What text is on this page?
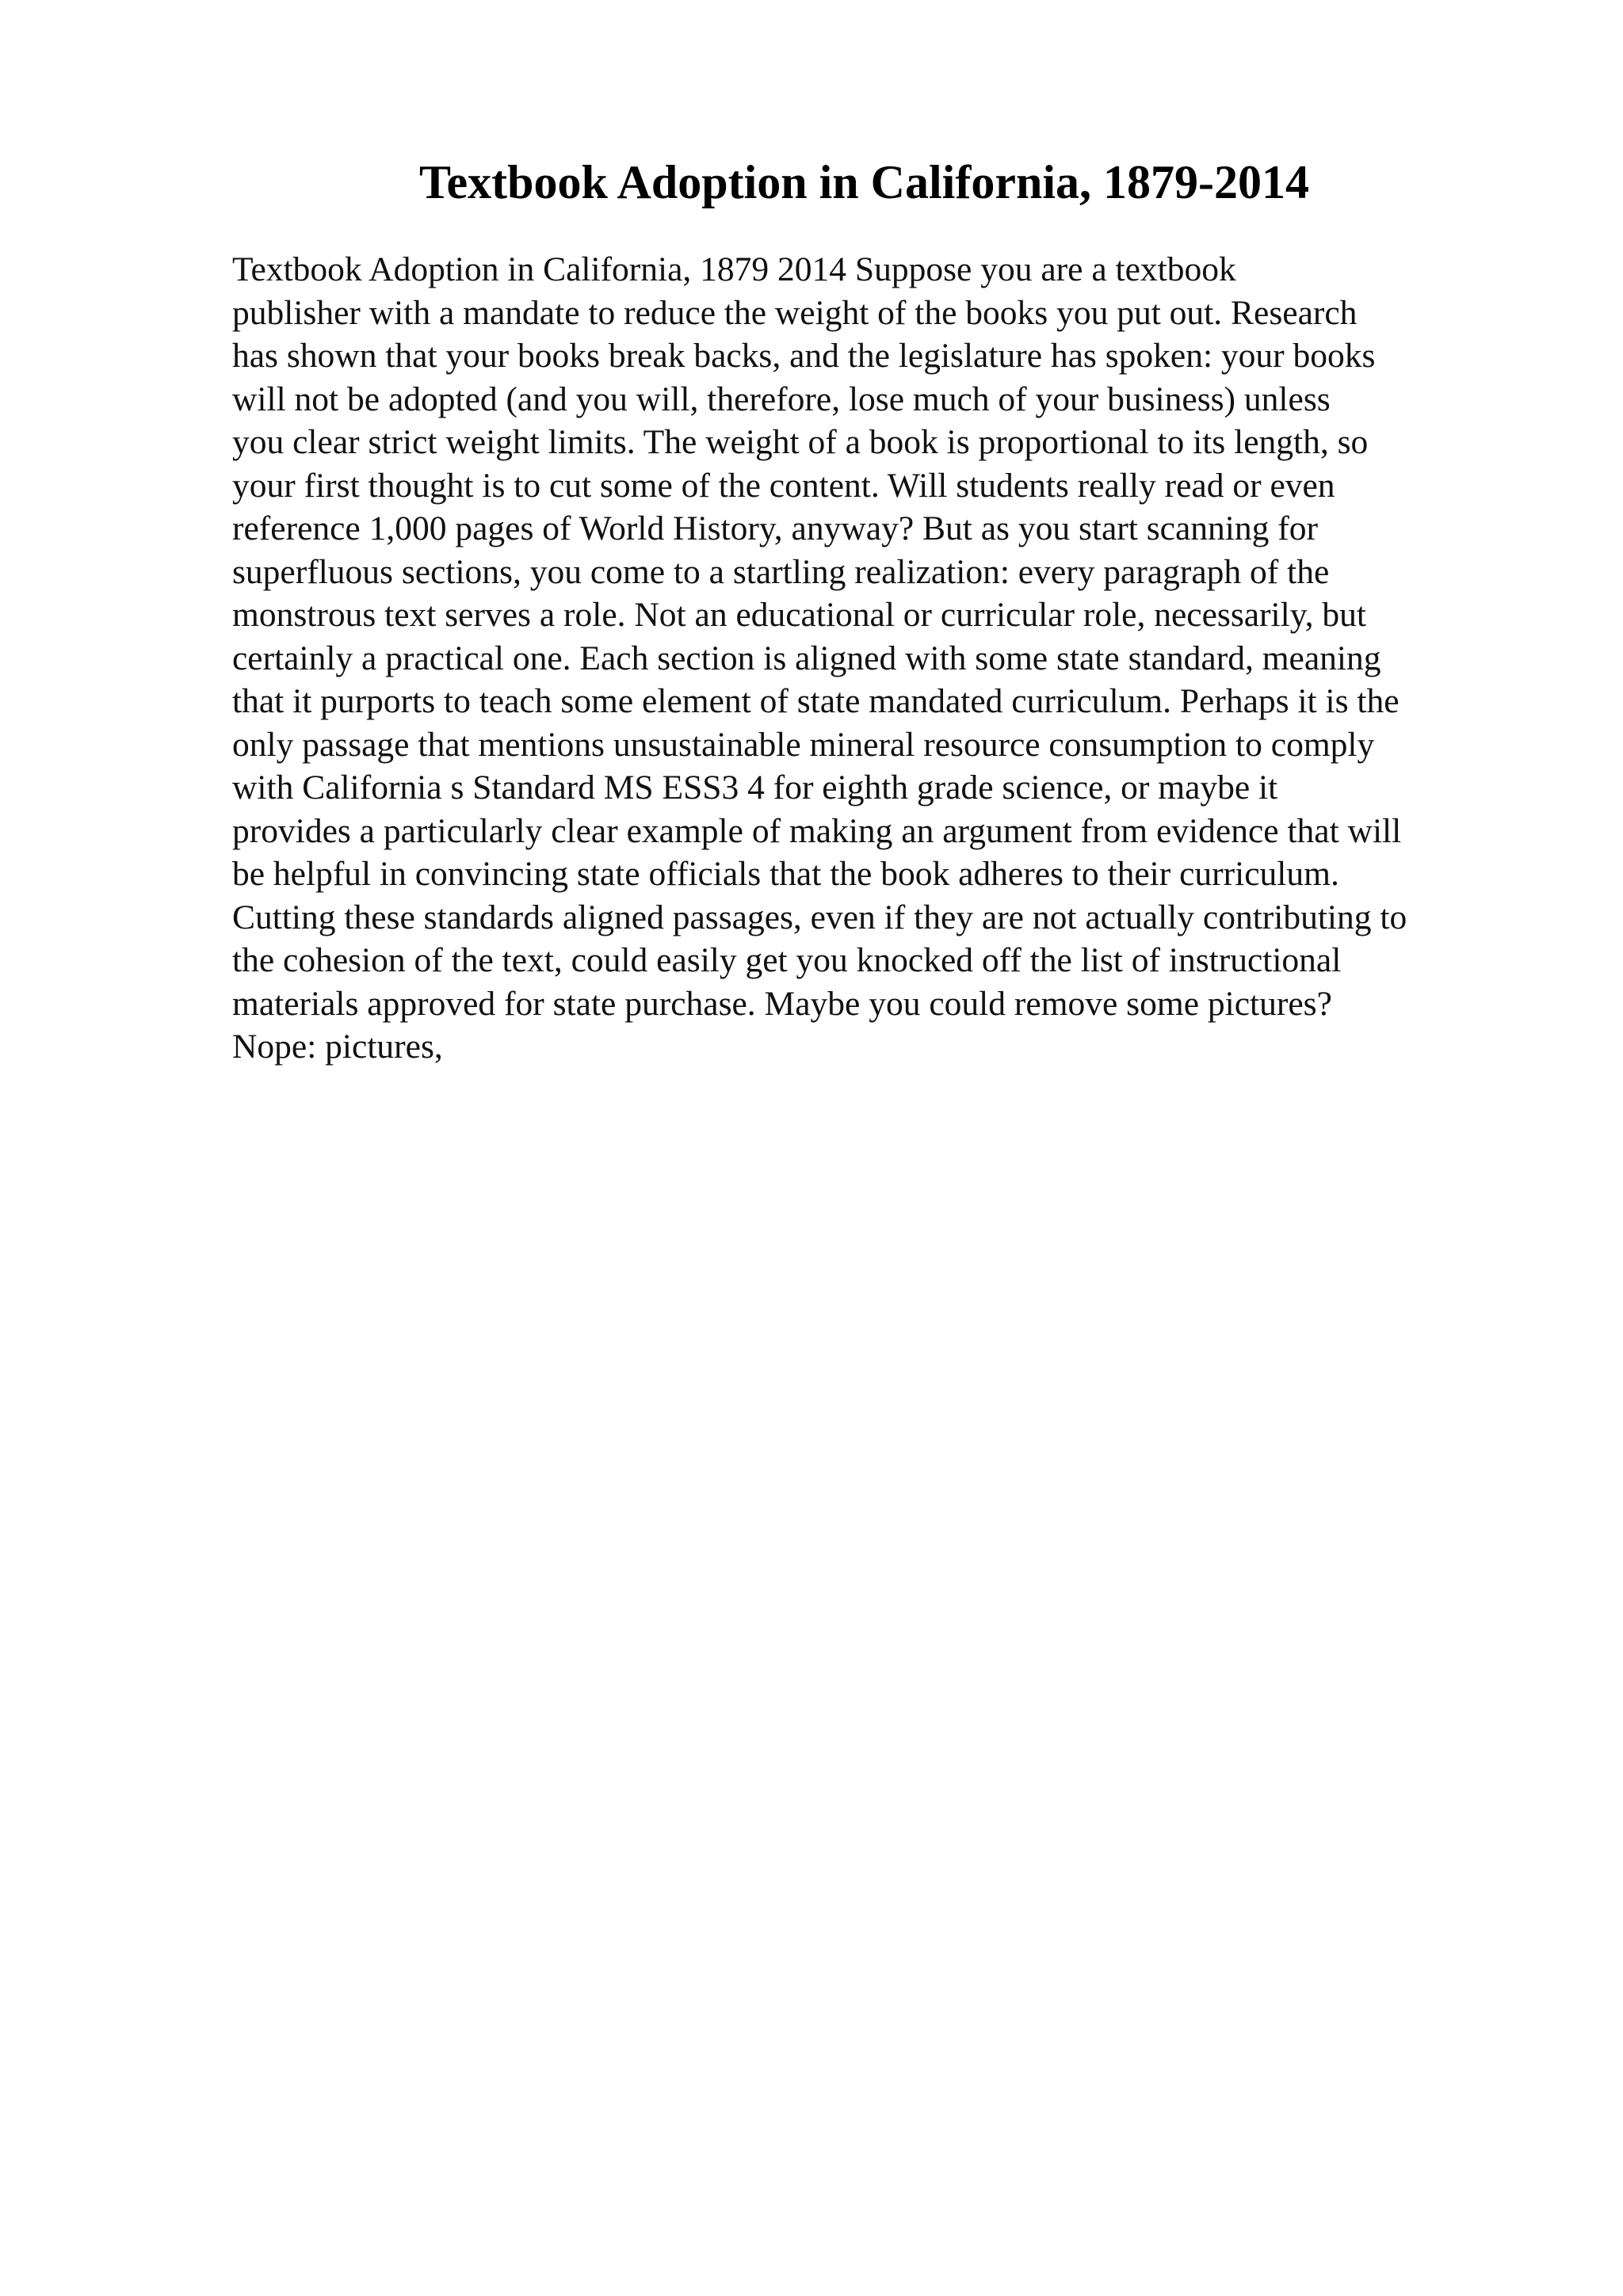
Textbook Adoption in California, 1879-2014
Textbook Adoption in California, 1879 2014 Suppose you are a textbook
publisher with a mandate to reduce the weight of the books you put out. Research
has shown that your books break backs, and the legislature has spoken: your books
will not be adopted (and you will, therefore, lose much of your business) unless
you clear strict weight limits. The weight of a book is proportional to its length, so
your first thought is to cut some of the content. Will students really read or even
reference 1,000 pages of World History, anyway? But as you start scanning for
superfluous sections, you come to a startling realization: every paragraph of the
monstrous text serves a role. Not an educational or curricular role, necessarily, but
certainly a practical one. Each section is aligned with some state standard, meaning
that it purports to teach some element of state mandated curriculum. Perhaps it is the
only passage that mentions unsustainable mineral resource consumption to comply
with California s Standard MS ESS3 4 for eighth grade science, or maybe it
provides a particularly clear example of making an argument from evidence that will
be helpful in convincing state officials that the book adheres to their curriculum.
Cutting these standards aligned passages, even if they are not actually contributing to
the cohesion of the text, could easily get you knocked off the list of instructional
materials approved for state purchase. Maybe you could remove some pictures?
Nope: pictures,
